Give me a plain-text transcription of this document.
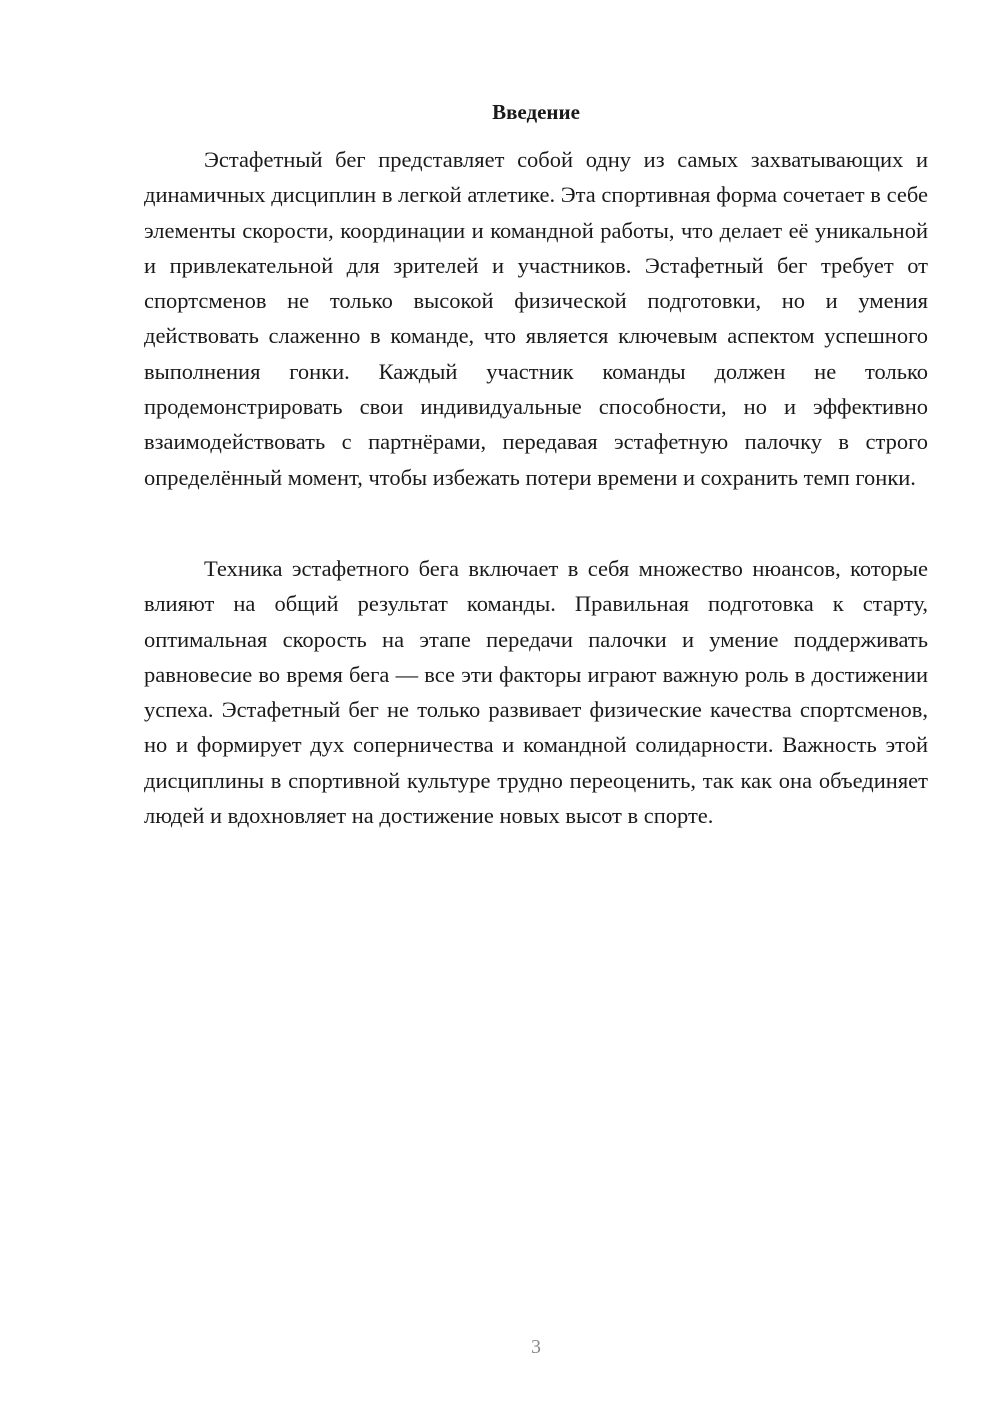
Введение

Эстафетный бег представляет собой одну из самых захватывающих и динамичных дисциплин в легкой атлетике. Эта спортивная форма сочетает в себе элементы скорости, координации и командной работы, что делает её уникальной и привлекательной для зрителей и участников. Эстафетный бег требует от спортсменов не только высокой физической подготовки, но и умения действовать слаженно в команде, что является ключевым аспектом успешного выполнения гонки. Каждый участник команды должен не только продемонстрировать свои индивидуальные способности, но и эффективно взаимодействовать с партнёрами, передавая эстафетную палочку в строго определённый момент, чтобы избежать потери времени и сохранить темп гонки.

Техника эстафетного бега включает в себя множество нюансов, которые влияют на общий результат команды. Правильная подготовка к старту, оптимальная скорость на этапе передачи палочки и умение поддерживать равновесие во время бега — все эти факторы играют важную роль в достижении успеха. Эстафетный бег не только развивает физические качества спортсменов, но и формирует дух соперничества и командной солидарности. Важность этой дисциплины в спортивной культуре трудно переоценить, так как она объединяет людей и вдохновляет на достижение новых высот в спорте.

3
